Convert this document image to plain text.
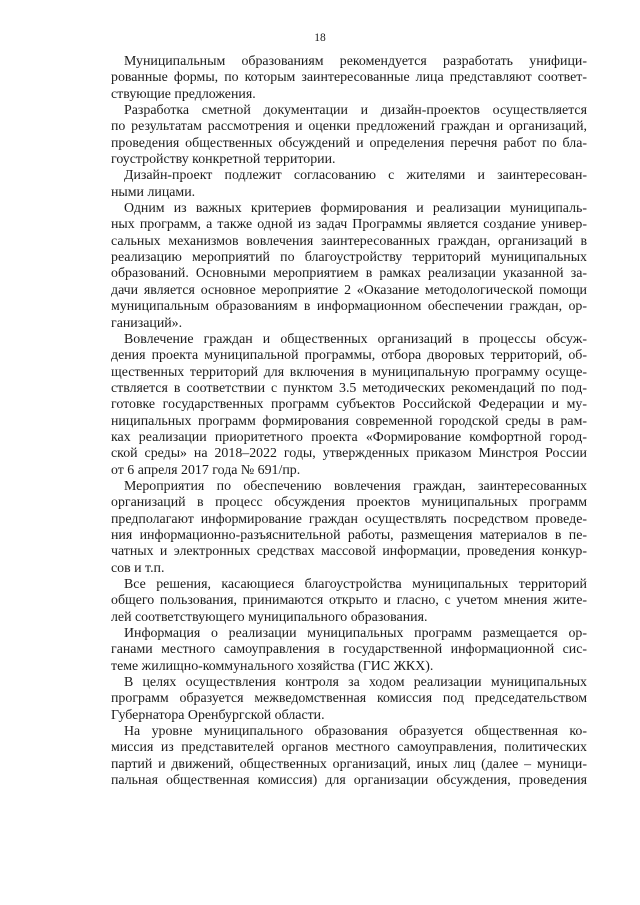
18
Муниципальным образованиям рекомендуется разработать унифици-
рованные формы, по которым заинтересованные лица представляют соответ-
ствующие предложения.
Разработка сметной документации и дизайн-проектов осуществляется
по результатам рассмотрения и оценки предложений граждан и организаций,
проведения общественных обсуждений и определения перечня работ по бла-
гоустройству конкретной территории.
Дизайн-проект подлежит согласованию с жителями и заинтересован-
ными лицами.
Одним из важных критериев формирования и реализации муниципаль-
ных программ, а также одной из задач Программы является создание универ-
сальных механизмов вовлечения заинтересованных граждан, организаций в
реализацию мероприятий по благоустройству территорий муниципальных
образований. Основными мероприятием в рамках реализации указанной за-
дачи является основное мероприятие 2 «Оказание методологической помощи
муниципальным образованиям в информационном обеспечении граждан, ор-
ганизаций».
Вовлечение граждан и общественных организаций в процессы обсуж-
дения проекта муниципальной программы, отбора дворовых территорий, об-
щественных территорий для включения в муниципальную программу осуще-
ствляется в соответствии с пунктом 3.5 методических рекомендаций по под-
готовке государственных программ субъектов Российской Федерации и му-
ниципальных программ формирования современной городской среды в рам-
ках реализации приоритетного проекта «Формирование комфортной город-
ской среды» на 2018–2022 годы, утвержденных приказом Минстроя России
от 6 апреля 2017 года № 691/пр.
Мероприятия по обеспечению вовлечения граждан, заинтересованных
организаций в процесс обсуждения проектов муниципальных программ
предполагают информирование граждан осуществлять посредством проведе-
ния информационно-разъяснительной работы, размещения материалов в пе-
чатных и электронных средствах массовой информации, проведения конкур-
сов и т.п.
Все решения, касающиеся благоустройства муниципальных территорий
общего пользования, принимаются открыто и гласно, с учетом мнения жите-
лей соответствующего муниципального образования.
Информация о реализации муниципальных программ размещается ор-
ганами местного самоуправления в государственной информационной сис-
теме жилищно-коммунального хозяйства (ГИС ЖКХ).
В целях осуществления контроля за ходом реализации муниципальных
программ образуется межведомственная комиссия под председательством
Губернатора Оренбургской области.
На уровне муниципального образования образуется общественная ко-
миссия из представителей органов местного самоуправления, политических
партий и движений, общественных организаций, иных лиц (далее – муници-
пальная общественная комиссия) для организации обсуждения, проведения
